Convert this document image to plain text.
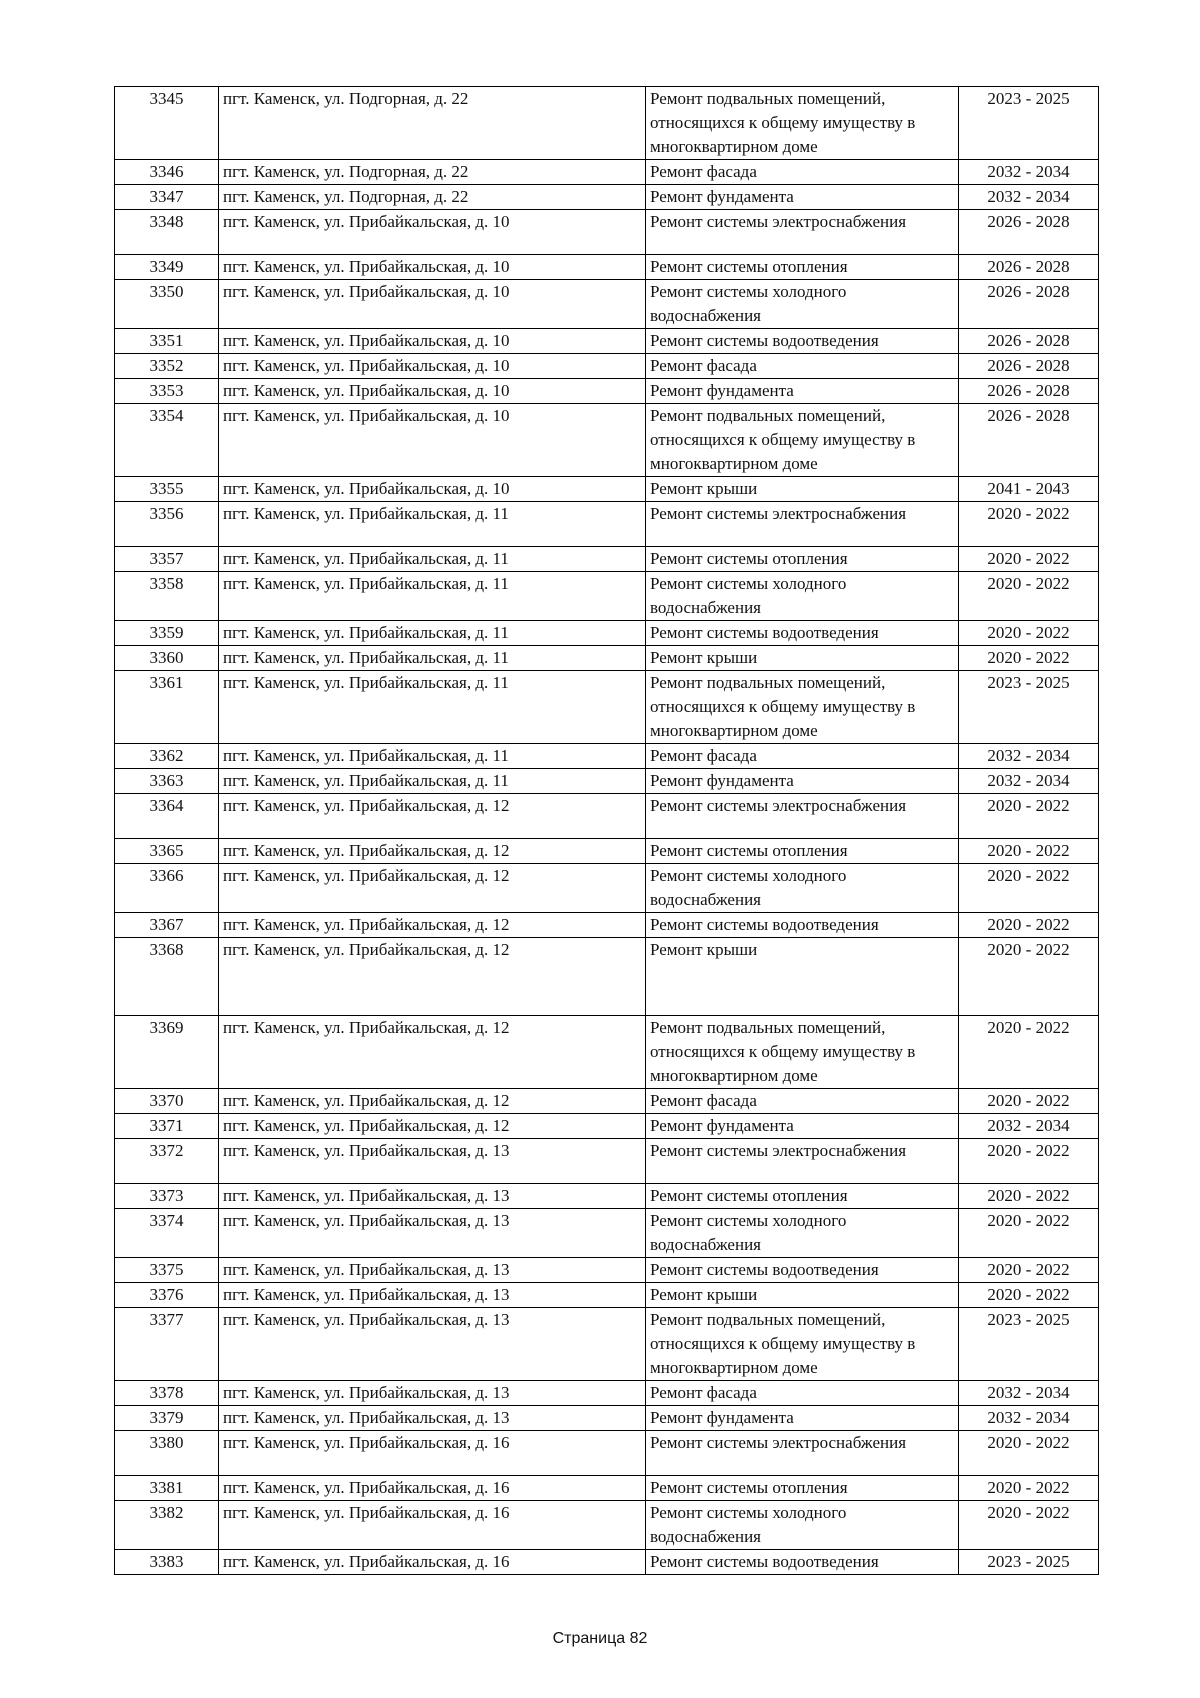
3345	пгт. Каменск, ул. Подгорная, д. 22	Ремонт подвальных помещений,
относящихся к общему имуществу в
многоквартирном доме	2023 - 2025
3346	пгт. Каменск, ул. Подгорная, д. 22	Ремонт фасада	2032 - 2034
3347	пгт. Каменск, ул. Подгорная, д. 22	Ремонт фундамента	2032 - 2034
3348	пгт. Каменск, ул. Прибайкальская, д. 10	Ремонт системы электроснабжения	2026 - 2028
3349	пгт. Каменск, ул. Прибайкальская, д. 10	Ремонт системы отопления	2026 - 2028
3350	пгт. Каменск, ул. Прибайкальская, д. 10	Ремонт системы холодного
водоснабжения	2026 - 2028
3351	пгт. Каменск, ул. Прибайкальская, д. 10	Ремонт системы водоотведения	2026 - 2028
3352	пгт. Каменск, ул. Прибайкальская, д. 10	Ремонт фасада	2026 - 2028
3353	пгт. Каменск, ул. Прибайкальская, д. 10	Ремонт фундамента	2026 - 2028
3354	пгт. Каменск, ул. Прибайкальская, д. 10	Ремонт подвальных помещений,
относящихся к общему имуществу в
многоквартирном доме	2026 - 2028
3355	пгт. Каменск, ул. Прибайкальская, д. 10	Ремонт крыши	2041 - 2043
3356	пгт. Каменск, ул. Прибайкальская, д. 11	Ремонт системы электроснабжения	2020 - 2022
3357	пгт. Каменск, ул. Прибайкальская, д. 11	Ремонт системы отопления	2020 - 2022
3358	пгт. Каменск, ул. Прибайкальская, д. 11	Ремонт системы холодного
водоснабжения	2020 - 2022
3359	пгт. Каменск, ул. Прибайкальская, д. 11	Ремонт системы водоотведения	2020 - 2022
3360	пгт. Каменск, ул. Прибайкальская, д. 11	Ремонт крыши	2020 - 2022
3361	пгт. Каменск, ул. Прибайкальская, д. 11	Ремонт подвальных помещений,
относящихся к общему имуществу в
многоквартирном доме	2023 - 2025
3362	пгт. Каменск, ул. Прибайкальская, д. 11	Ремонт фасада	2032 - 2034
3363	пгт. Каменск, ул. Прибайкальская, д. 11	Ремонт фундамента	2032 - 2034
3364	пгт. Каменск, ул. Прибайкальская, д. 12	Ремонт системы электроснабжения	2020 - 2022
3365	пгт. Каменск, ул. Прибайкальская, д. 12	Ремонт системы отопления	2020 - 2022
3366	пгт. Каменск, ул. Прибайкальская, д. 12	Ремонт системы холодного
водоснабжения	2020 - 2022
3367	пгт. Каменск, ул. Прибайкальская, д. 12	Ремонт системы водоотведения	2020 - 2022
3368	пгт. Каменск, ул. Прибайкальская, д. 12	Ремонт крыши	2020 - 2022
3369	пгт. Каменск, ул. Прибайкальская, д. 12	Ремонт подвальных помещений,
относящихся к общему имуществу в
многоквартирном доме	2020 - 2022
3370	пгт. Каменск, ул. Прибайкальская, д. 12	Ремонт фасада	2020 - 2022
3371	пгт. Каменск, ул. Прибайкальская, д. 12	Ремонт фундамента	2032 - 2034
3372	пгт. Каменск, ул. Прибайкальская, д. 13	Ремонт системы электроснабжения	2020 - 2022
3373	пгт. Каменск, ул. Прибайкальская, д. 13	Ремонт системы отопления	2020 - 2022
3374	пгт. Каменск, ул. Прибайкальская, д. 13	Ремонт системы холодного
водоснабжения	2020 - 2022
3375	пгт. Каменск, ул. Прибайкальская, д. 13	Ремонт системы водоотведения	2020 - 2022
3376	пгт. Каменск, ул. Прибайкальская, д. 13	Ремонт крыши	2020 - 2022
3377	пгт. Каменск, ул. Прибайкальская, д. 13	Ремонт подвальных помещений,
относящихся к общему имуществу в
многоквартирном доме	2023 - 2025
3378	пгт. Каменск, ул. Прибайкальская, д. 13	Ремонт фасада	2032 - 2034
3379	пгт. Каменск, ул. Прибайкальская, д. 13	Ремонт фундамента	2032 - 2034
3380	пгт. Каменск, ул. Прибайкальская, д. 16	Ремонт системы электроснабжения	2020 - 2022
3381	пгт. Каменск, ул. Прибайкальская, д. 16	Ремонт системы отопления	2020 - 2022
3382	пгт. Каменск, ул. Прибайкальская, д. 16	Ремонт системы холодного
водоснабжения	2020 - 2022
3383	пгт. Каменск, ул. Прибайкальская, д. 16	Ремонт системы водоотведения	2023 - 2025
Страница 82
